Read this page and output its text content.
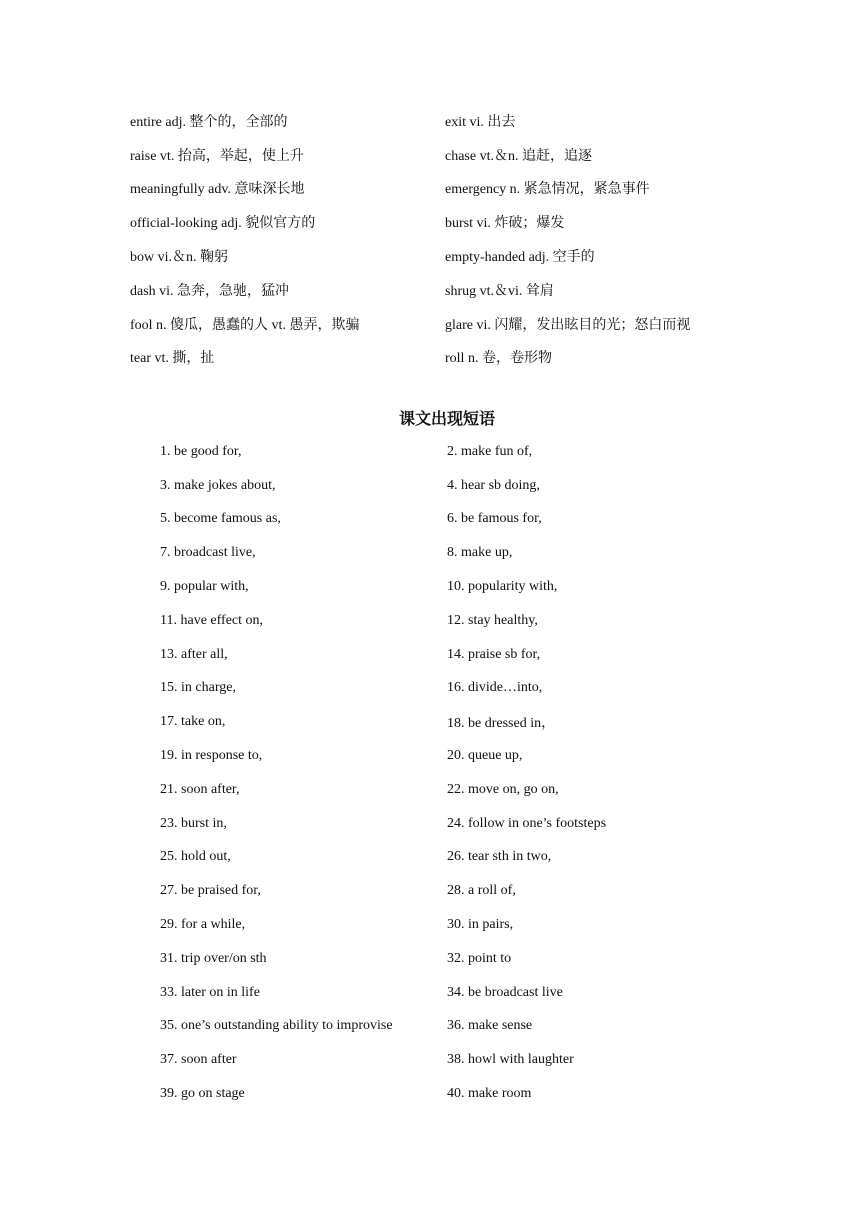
entire adj. 整个的，全部的	exit vi. 出去
raise vt. 抬高，举起，使上升	chase vt.＆n. 追赶，追逐
meaningfully adv. 意味深长地	emergency n. 紧急情况，紧急事件
official-looking adj. 貌似官方的	burst vi. 炸破；爆发
bow vi.＆n. 鞠躬	empty-handed adj. 空手的
dash vi. 急奔，急驰，猛冲	shrug vt.＆vi. 耸肩
fool n. 傻瓜，愚蠢的人 vt. 愚弄，欺骗	glare vi. 闪耀，发出眩目的光；怒白而视
tear vt. 撕，扯	roll n. 卷，卷形物
课文出现短语
1. be good for,	2. make fun of,
3. make jokes about,	4. hear sb doing,
5. become famous as,	6. be famous for,
7. broadcast live,	8. make up,
9. popular with,	10. popularity with,
11. have effect on,	12. stay healthy,
13. after all,	14. praise sb for,
15. in charge,	16. divide…into,
17. take on,	18. be dressed in，
19. in response to,	20. queue up,
21. soon after,	22. move on, go on,
23. burst in,	24. follow in one’s footsteps
25. hold out,	26. tear sth in two,
27. be praised for,	28. a roll of,
29. for a while,	30. in pairs,
31. trip over/on sth	32. point to
33. later on in life	34. be broadcast live
35. one’s outstanding ability to improvise	36. make sense
37. soon after	38. howl with laughter
39. go on stage	40. make room
